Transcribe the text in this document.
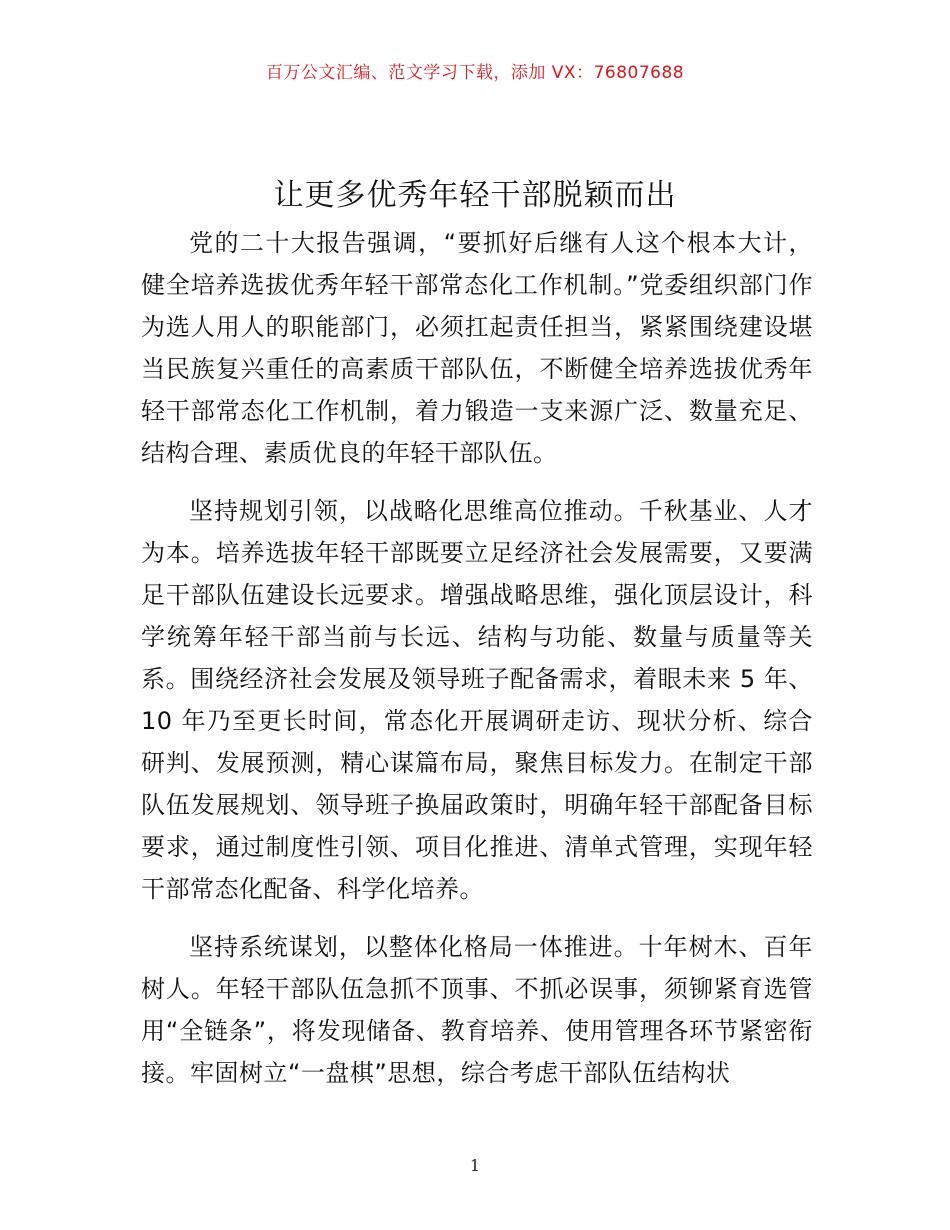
百万公文汇编、范文学习下载，添加 VX：76807688
让更多优秀年轻干部脱颖而出

党的二十大报告强调，“要抓好后继有人这个根本大计，健全培养选拔优秀年轻干部常态化工作机制。”党委组织部门作为选人用人的职能部门，必须扛起责任担当，紧紧围绕建设堪当民族复兴重任的高素质干部队伍，不断健全培养选拔优秀年轻干部常态化工作机制，着力锻造一支来源广泛、数量充足、结构合理、素质优良的年轻干部队伍。

坚持规划引领，以战略化思维高位推动。千秋基业、人才为本。培养选拔年轻干部既要立足经济社会发展需要，又要满足干部队伍建设长远要求。增强战略思维，强化顶层设计，科学统筹年轻干部当前与长远、结构与功能、数量与质量等关系。围绕经济社会发展及领导班子配备需求，着眼未来 5 年、10 年乃至更长时间，常态化开展调研走访、现状分析、综合研判、发展预测，精心谋篇布局，聚焦目标发力。在制定干部队伍发展规划、领导班子换届政策时，明确年轻干部配备目标要求，通过制度性引领、项目化推进、清单式管理，实现年轻干部常态化配备、科学化培养。

坚持系统谋划，以整体化格局一体推进。十年树木、百年树人。年轻干部队伍急抓不顶事、不抓必误事，须铆紧育选管用“全链条”，将发现储备、教育培养、使用管理各环节紧密衔接。牢固树立“一盘棋”思想，综合考虑干部队伍结构状

1
